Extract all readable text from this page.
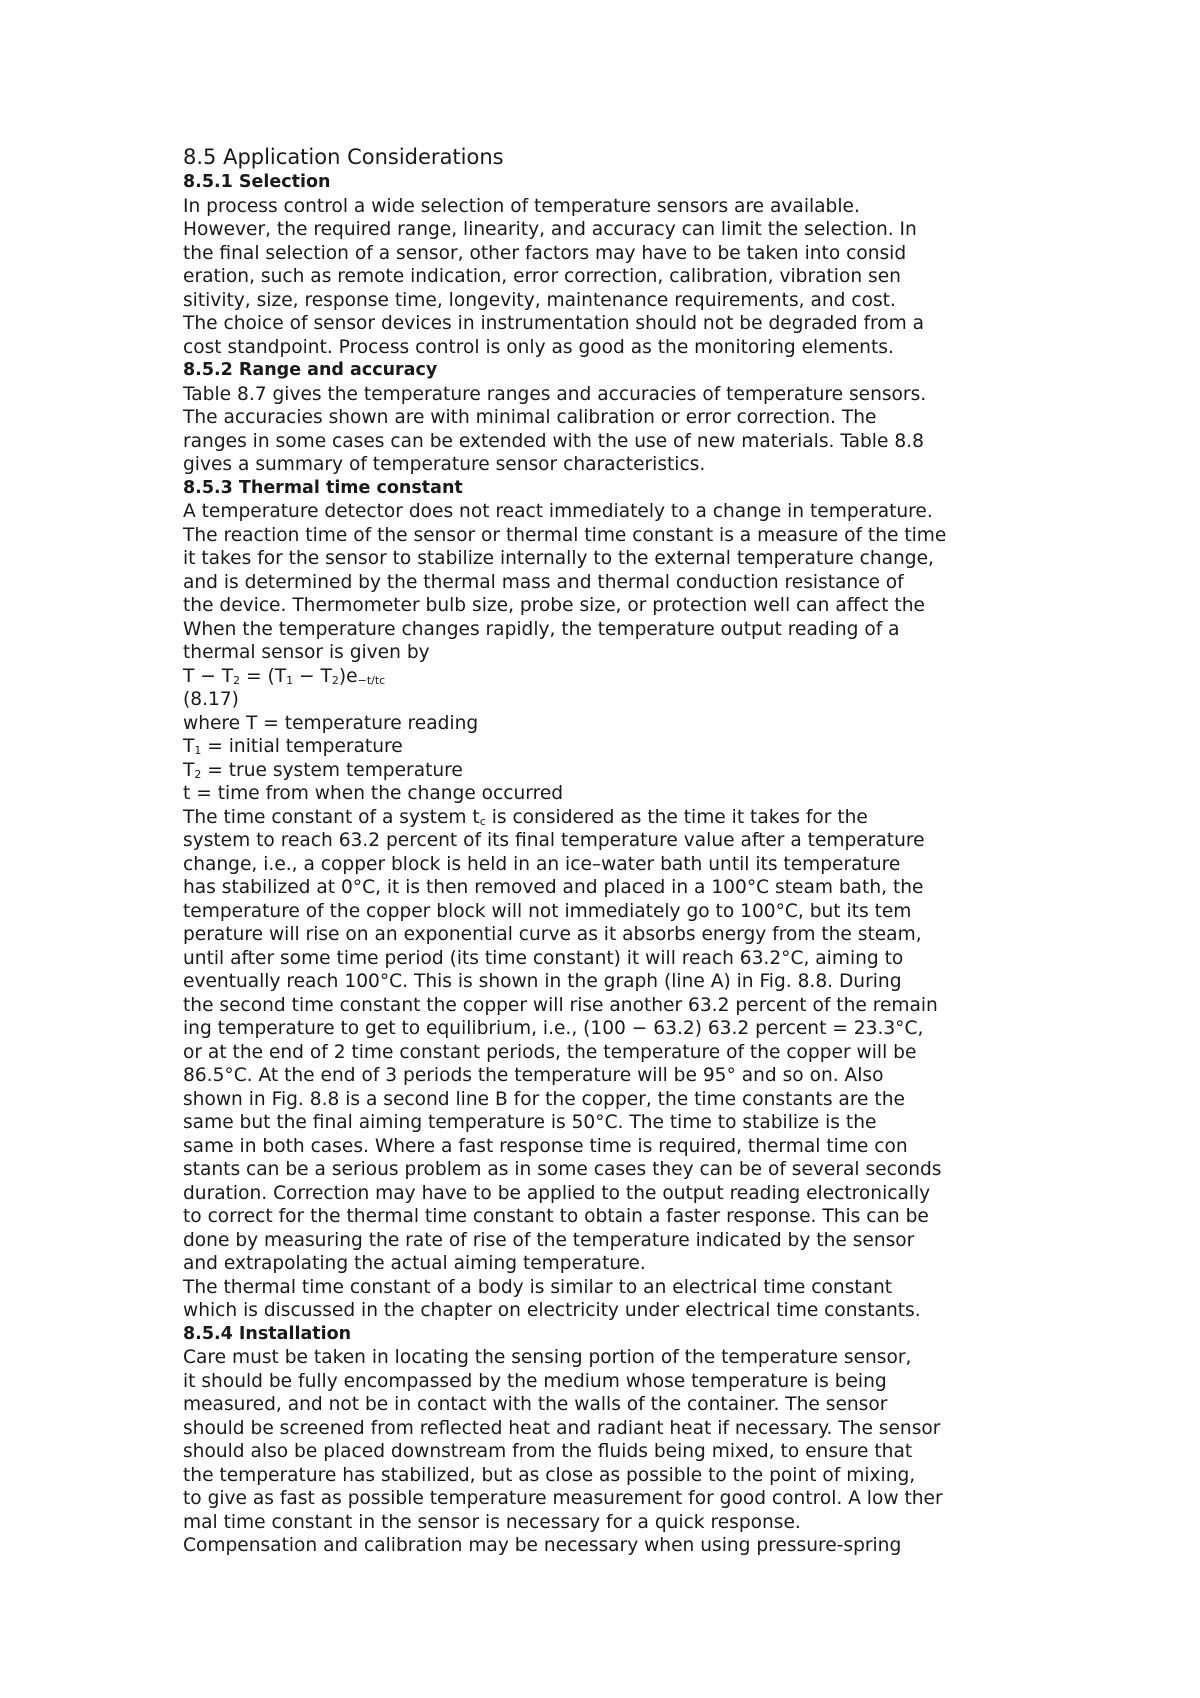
8.5 Application Considerations
8.5.1 Selection

In process control a wide selection of temperature sensors are available.

However, the required range, linearity, and accuracy can limit the selection. In

the final selection of a sensor, other factors may have to be taken into consid

eration, such as remote indication, error correction, calibration, vibration sen

sitivity, size, response time, longevity, maintenance requirements, and cost.

The choice of sensor devices in instrumentation should not be degraded from a

cost standpoint. Process control is only as good as the monitoring elements.

8.5.2 Range and accuracy

Table 8.7 gives the temperature ranges and accuracies of temperature sensors.

The accuracies shown are with minimal calibration or error correction. The

ranges in some cases can be extended with the use of new materials. Table 8.8

gives a summary of temperature sensor characteristics.

8.5.3 Thermal time constant

A temperature detector does not react immediately to a change in temperature.

The reaction time of the sensor or thermal time constant is a measure of the time

it takes for the sensor to stabilize internally to the external temperature change,

and is determined by the thermal mass and thermal conduction resistance of

the device. Thermometer bulb size, probe size, or protection well can affect the

When the temperature changes rapidly, the temperature output reading of a

thermal sensor is given by

$T - T_2 = (T_1 - T_2)e^{-t/tc}$

(8.17)

where T = temperature reading

$T_1$ = initial temperature

$T_2$ = true system temperature

t = time from when the change occurred

The time constant of a system $t_c$ is considered as the time it takes for the

system to reach 63.2 percent of its final temperature value after a temperature

change, i.e., a copper block is held in an ice–water bath until its temperature

has stabilized at 0°C, it is then removed and placed in a 100°C steam bath, the

temperature of the copper block will not immediately go to 100°C, but its tem

perature will rise on an exponential curve as it absorbs energy from the steam,

until after some time period (its time constant) it will reach 63.2°C, aiming to

eventually reach 100°C. This is shown in the graph (line A) in Fig. 8.8. During

the second time constant the copper will rise another 63.2 percent of the remain

ing temperature to get to equilibrium, i.e., (100 − 63.2) 63.2 percent = 23.3°C,

or at the end of 2 time constant periods, the temperature of the copper will be

86.5°C. At the end of 3 periods the temperature will be 95° and so on. Also

shown in Fig. 8.8 is a second line B for the copper, the time constants are the

same but the final aiming temperature is 50°C. The time to stabilize is the

same in both cases. Where a fast response time is required, thermal time con

stants can be a serious problem as in some cases they can be of several seconds

duration. Correction may have to be applied to the output reading electronically

to correct for the thermal time constant to obtain a faster response. This can be

done by measuring the rate of rise of the temperature indicated by the sensor

and extrapolating the actual aiming temperature.

The thermal time constant of a body is similar to an electrical time constant

which is discussed in the chapter on electricity under electrical time constants.

8.5.4 Installation

Care must be taken in locating the sensing portion of the temperature sensor,

it should be fully encompassed by the medium whose temperature is being

measured, and not be in contact with the walls of the container. The sensor

should be screened from reflected heat and radiant heat if necessary. The sensor

should also be placed downstream from the fluids being mixed, to ensure that

the temperature has stabilized, but as close as possible to the point of mixing,

to give as fast as possible temperature measurement for good control. A low ther

mal time constant in the sensor is necessary for a quick response.

Compensation and calibration may be necessary when using pressure-spring
